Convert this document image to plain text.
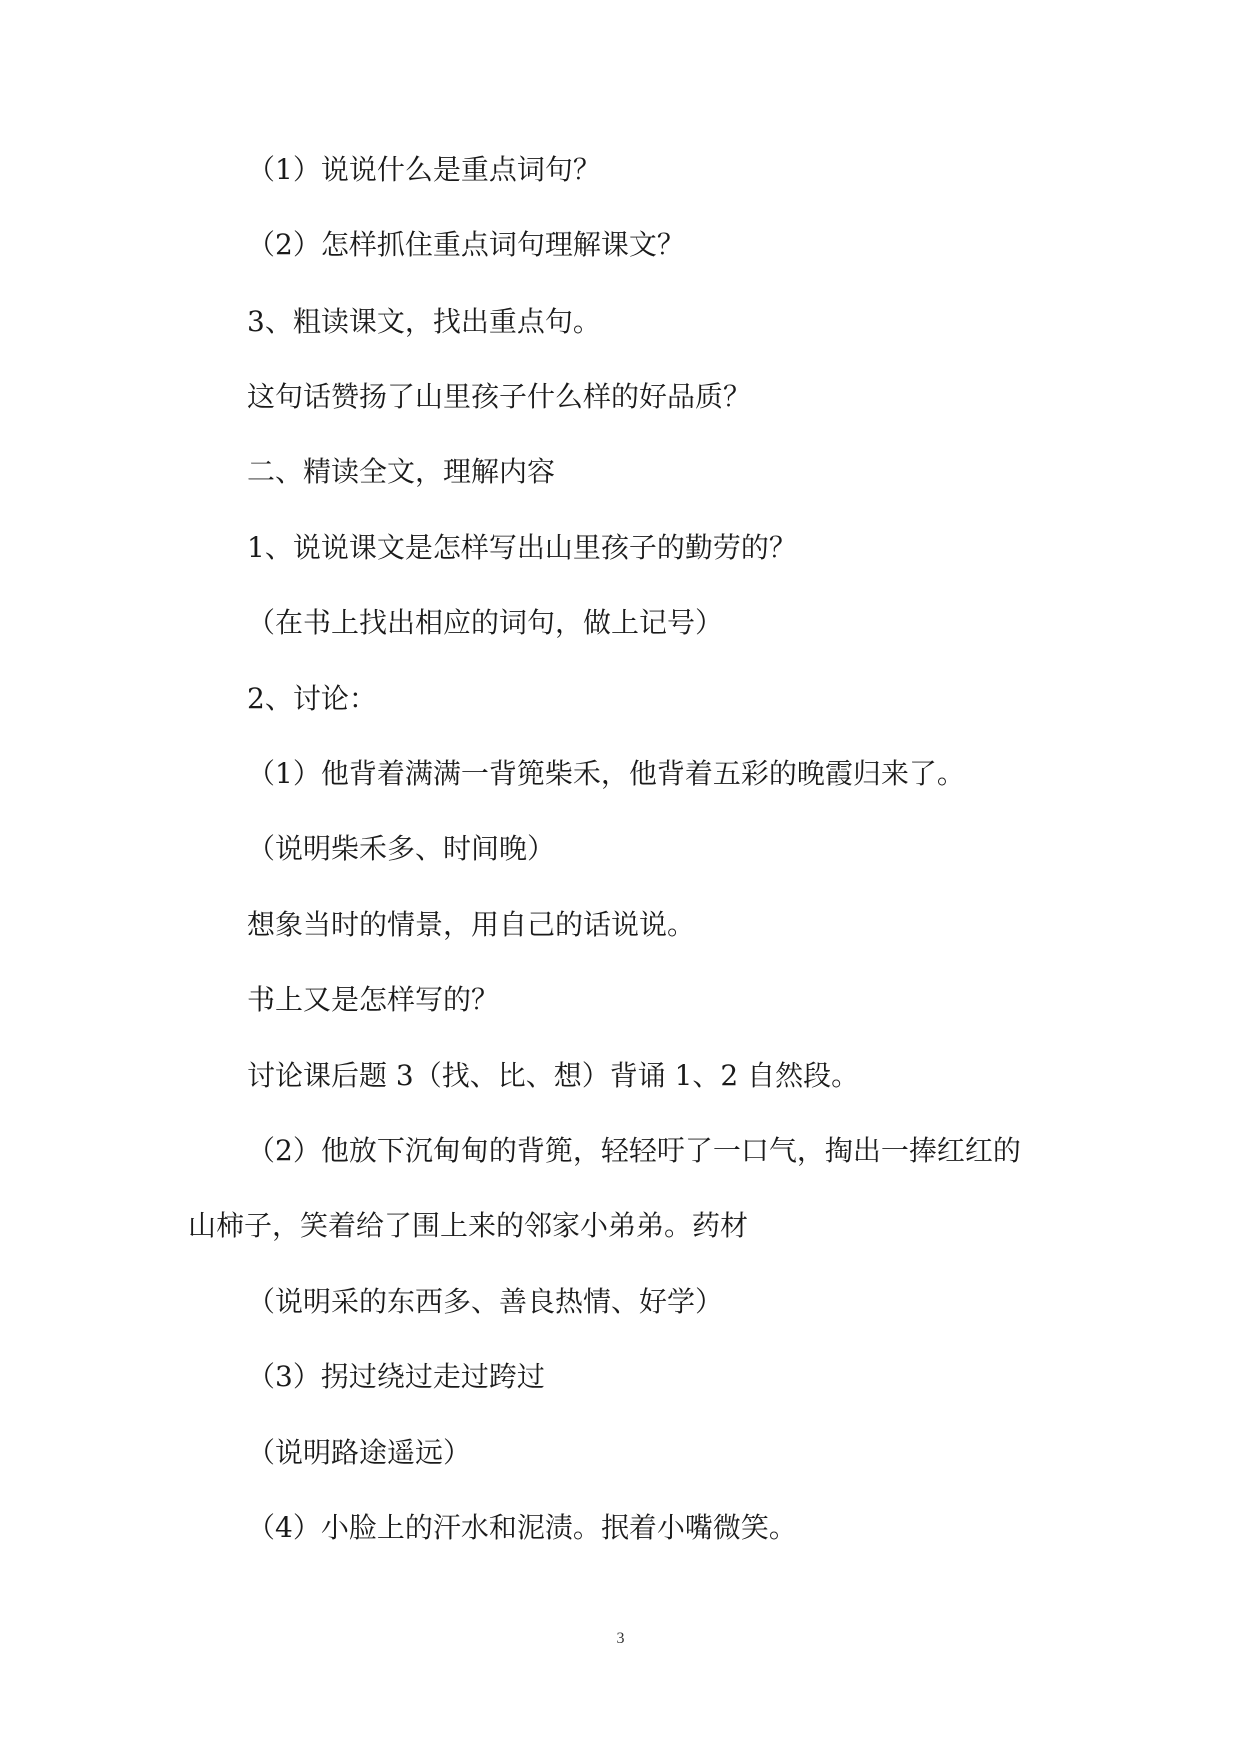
（1）说说什么是重点词句？

（2）怎样抓住重点词句理解课文？

3、粗读课文，找出重点句。

这句话赞扬了山里孩子什么样的好品质？

二、精读全文，理解内容

1、说说课文是怎样写出山里孩子的勤劳的？

（在书上找出相应的词句，做上记号）

2、讨论：

（1）他背着满满一背篼柴禾，他背着五彩的晚霞归来了。

（说明柴禾多、时间晚）

想象当时的情景，用自己的话说说。

书上又是怎样写的？

讨论课后题 3（找、比、想）背诵 1、2 自然段。

（2）他放下沉甸甸的背篼，轻轻吁了一口气，掏出一捧红红的

山柿子，笑着给了围上来的邻家小弟弟。药材

（说明采的东西多、善良热情、好学）

（3）拐过绕过走过跨过

（说明路途遥远）

（4）小脸上的汗水和泥渍。抿着小嘴微笑。

3
